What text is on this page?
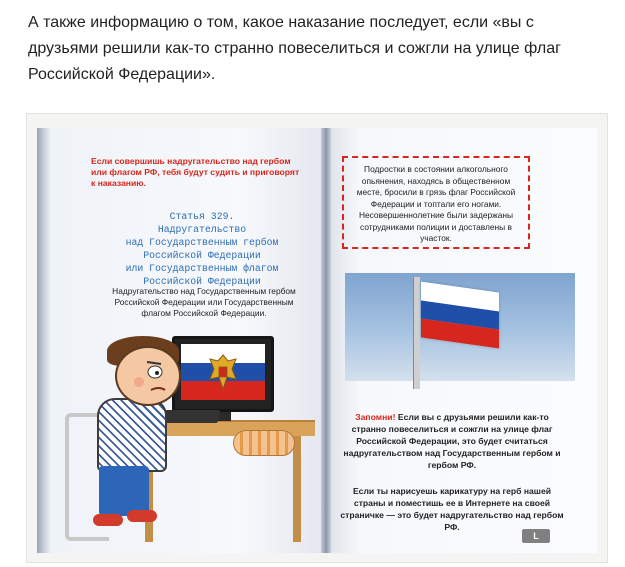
А также информацию о том, какое наказание последует, если «вы с друзьями решили как-то странно повеселиться и сожгли на улице флаг Российской Федерации».
Если совершишь надругательство над гербом или флагом РФ, тебя будут судить и приговорят к наказанию.
Статья 329.
Надругательство
над Государственным гербом
Российской Федерации
или Государственным флагом
Российской Федерации
Надругательство над Государственным гербом Российской Федерации или Государственным флагом Российской Федерации.
Подростки в состоянии алкогольного опьянения, находясь в общественном месте, бросили в грязь флаг Российской Федерации и топтали его ногами. Несовершеннолетние были задержаны сотрудниками полиции и доставлены в участок.
Запомни! Если вы с друзьями решили как-то странно повеселиться и сожгли на улице флаг Российской Федерации, это будет считаться надругательством над Государственным гербом и гербом РФ.
Если ты нарисуешь карикатуру на герб нашей страны и поместишь ее в Интернете на своей страничке — это будет надругательство над гербом РФ.
L
